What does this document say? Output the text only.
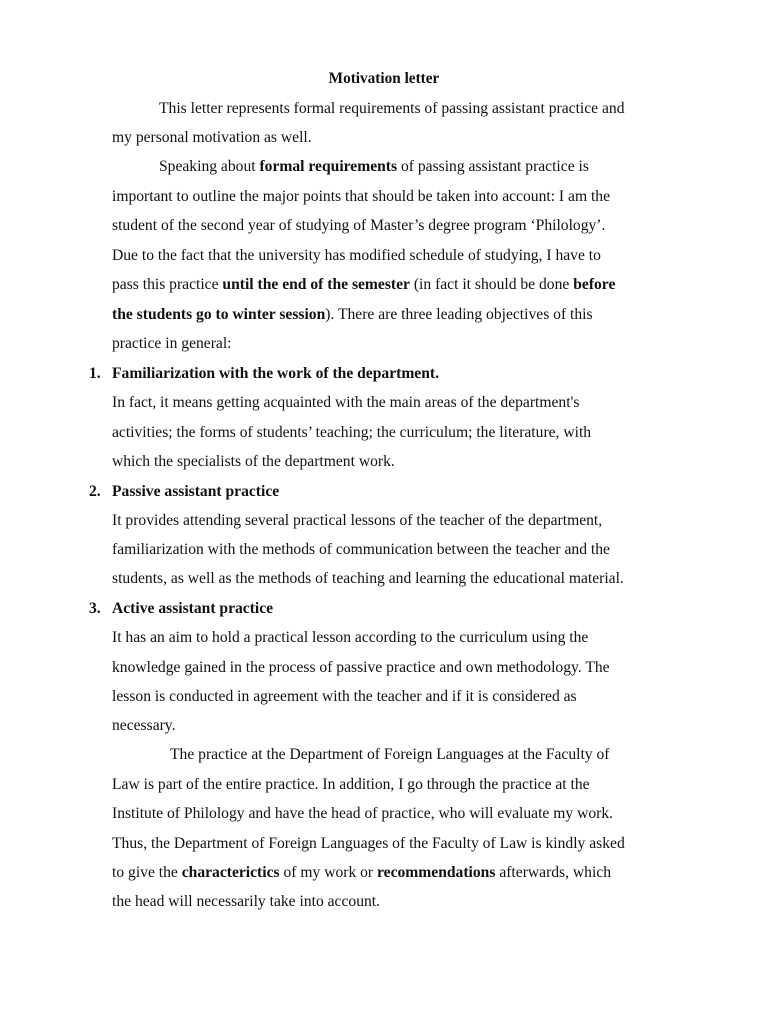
Motivation letter
This letter represents formal requirements of passing assistant practice and
my personal motivation as well.
Speaking about formal requirements of passing assistant practice is
important to outline the major points that should be taken into account: I am the
student of the second year of studying of Master’s degree program ‘Philology’.
Due to the fact that the university has modified schedule of studying, I have to
pass this practice until the end of the semester (in fact it should be done before
the students go to winter session). There are three leading objectives of this
practice in general:
1. Familiarization with the work of the department.
In fact, it means getting acquainted with the main areas of the department's
activities; the forms of students’ teaching; the curriculum; the literature, with
which the specialists of the department work.
2. Passive assistant practice
It provides attending several practical lessons of the teacher of the department,
familiarization with the methods of communication between the teacher and the
students, as well as the methods of teaching and learning the educational material.
3. Active assistant practice
It has an aim to hold a practical lesson according to the curriculum using the
knowledge gained in the process of passive practice and own methodology. The
lesson is conducted in agreement with the teacher and if it is considered as
necessary.
The practice at the Department of Foreign Languages at the Faculty of
Law is part of the entire practice. In addition, I go through the practice at the
Institute of Philology and have the head of practice, who will evaluate my work.
Thus, the Department of Foreign Languages of the Faculty of Law is kindly asked
to give the characterictics of my work or recommendations afterwards, which
the head will necessarily take into account.
